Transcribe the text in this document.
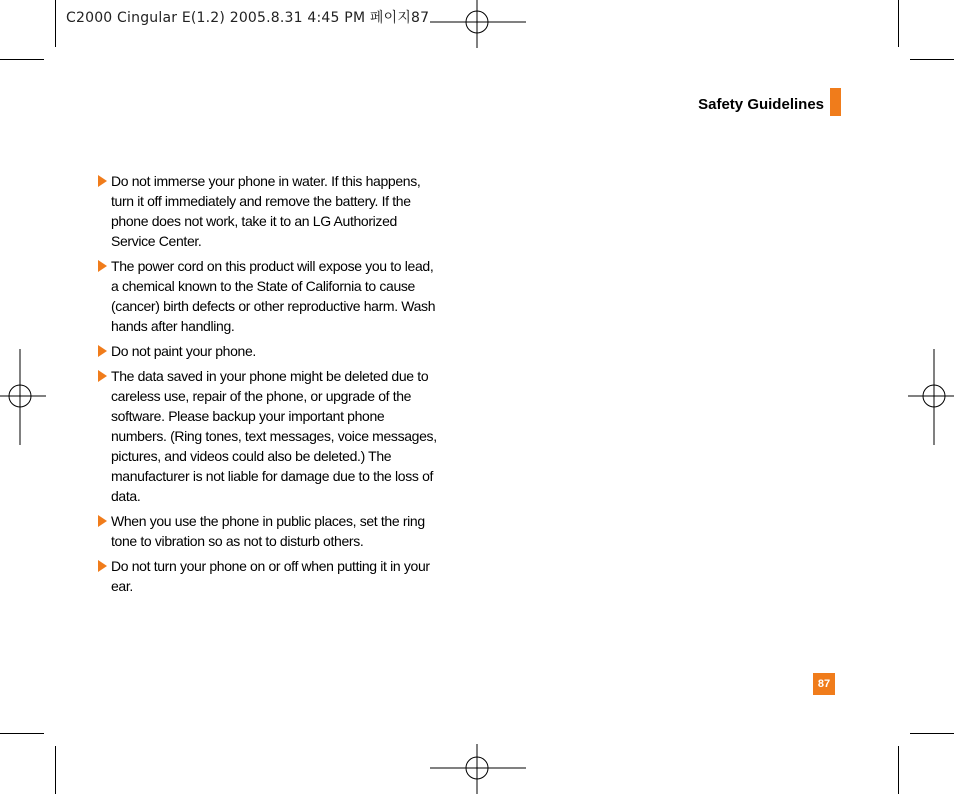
C2000 Cingular E(1.2) 2005.8.31 4:45 PM 페이지87
Safety Guidelines
Do not immerse your phone in water. If this happens, turn it off immediately and remove the battery. If the phone does not work, take it to an LG Authorized Service Center.
The power cord on this product will expose you to lead, a chemical known to the State of California to cause (cancer) birth defects or other reproductive harm. Wash hands after handling.
Do not paint your phone.
The data saved in your phone might be deleted due to careless use, repair of the phone, or upgrade of the software. Please backup your important phone numbers. (Ring tones, text messages, voice messages, pictures, and videos could also be deleted.) The manufacturer is not liable for damage due to the loss of data.
When you use the phone in public places, set the ring tone to vibration so as not to disturb others.
Do not turn your phone on or off when putting it in your ear.
87
